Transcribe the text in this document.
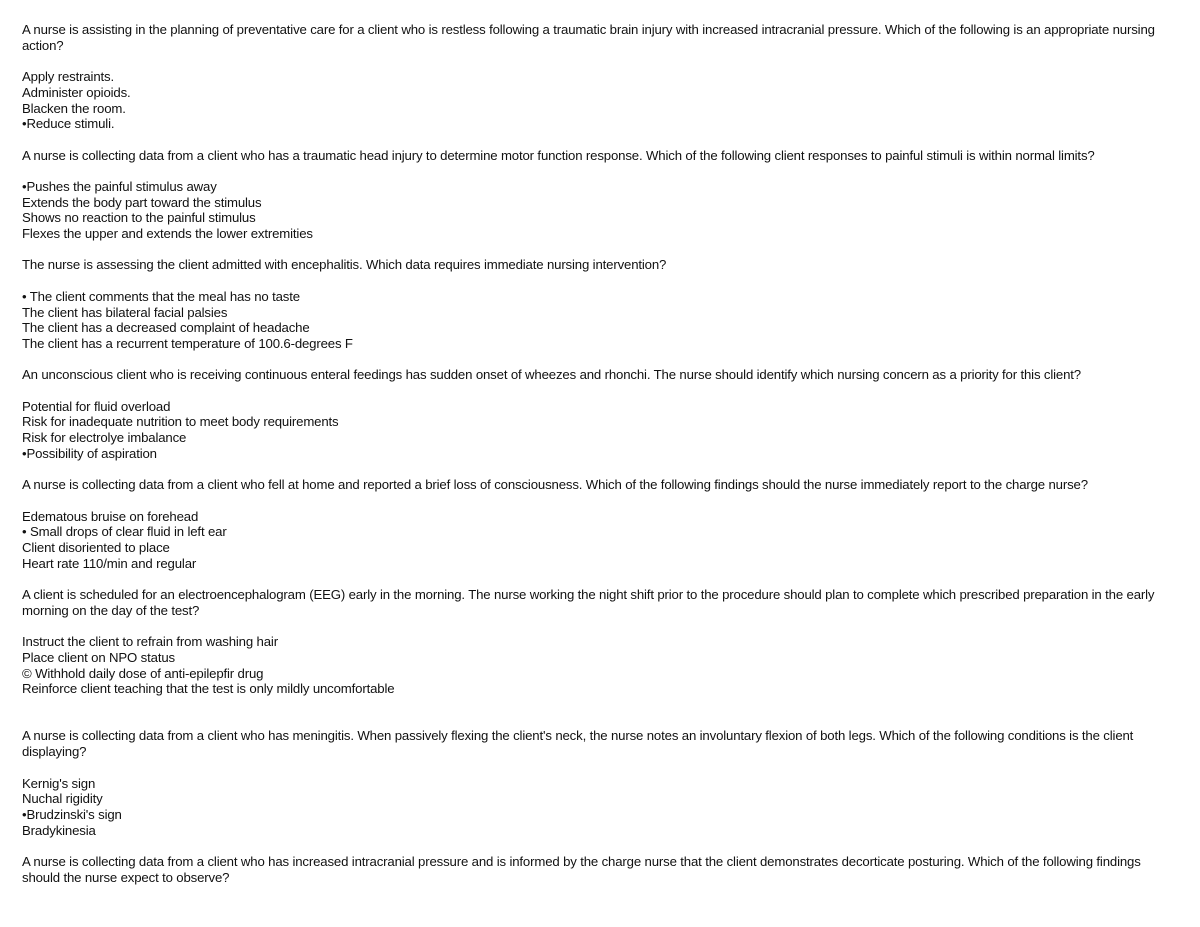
A nurse is assisting in the planning of preventative care for a client who is restless following a traumatic brain injury with increased intracranial pressure. Which of the following is an appropriate nursing action?

Apply restraints.
Administer opioids.
Blacken the room.
•Reduce stimuli.

A nurse is collecting data from a client who has a traumatic head injury to determine motor function response. Which of the following client responses to painful stimuli is within normal limits?

•Pushes the painful stimulus away
Extends the body part toward the stimulus
Shows no reaction to the painful stimulus
Flexes the upper and extends the lower extremities

The nurse is assessing the client admitted with encephalitis. Which data requires immediate nursing intervention?

• The client comments that the meal has no taste
The client has bilateral facial palsies
The client has a decreased complaint of headache
The client has a recurrent temperature of 100.6-degrees F

An unconscious client who is receiving continuous enteral feedings has sudden onset of wheezes and rhonchi. The nurse should identify which nursing concern as a priority for this client?

Potential for fluid overload
Risk for inadequate nutrition to meet body requirements
Risk for electrolye imbalance
•Possibility of aspiration

A nurse is collecting data from a client who fell at home and reported a brief loss of consciousness. Which of the following findings should the nurse immediately report to the charge nurse?

Edematous bruise on forehead
• Small drops of clear fluid in left ear
Client disoriented to place
Heart rate 110/min and regular

A client is scheduled for an electroencephalogram (EEG) early in the morning. The nurse working the night shift prior to the procedure should plan to complete which prescribed preparation in the early morning on the day of the test?

Instruct the client to refrain from washing hair
Place client on NPO status
© Withhold daily dose of anti-epilepfir drug
Reinforce client teaching that the test is only mildly uncomfortable

A nurse is collecting data from a client who has meningitis. When passively flexing the client's neck, the nurse notes an involuntary flexion of both legs. Which of the following conditions is the client displaying?

Kernig's sign
Nuchal rigidity
•Brudzinski's sign
Bradykinesia

A nurse is collecting data from a client who has increased intracranial pressure and is informed by the charge nurse that the client demonstrates decorticate posturing. Which of the following findings should the nurse expect to observe?
